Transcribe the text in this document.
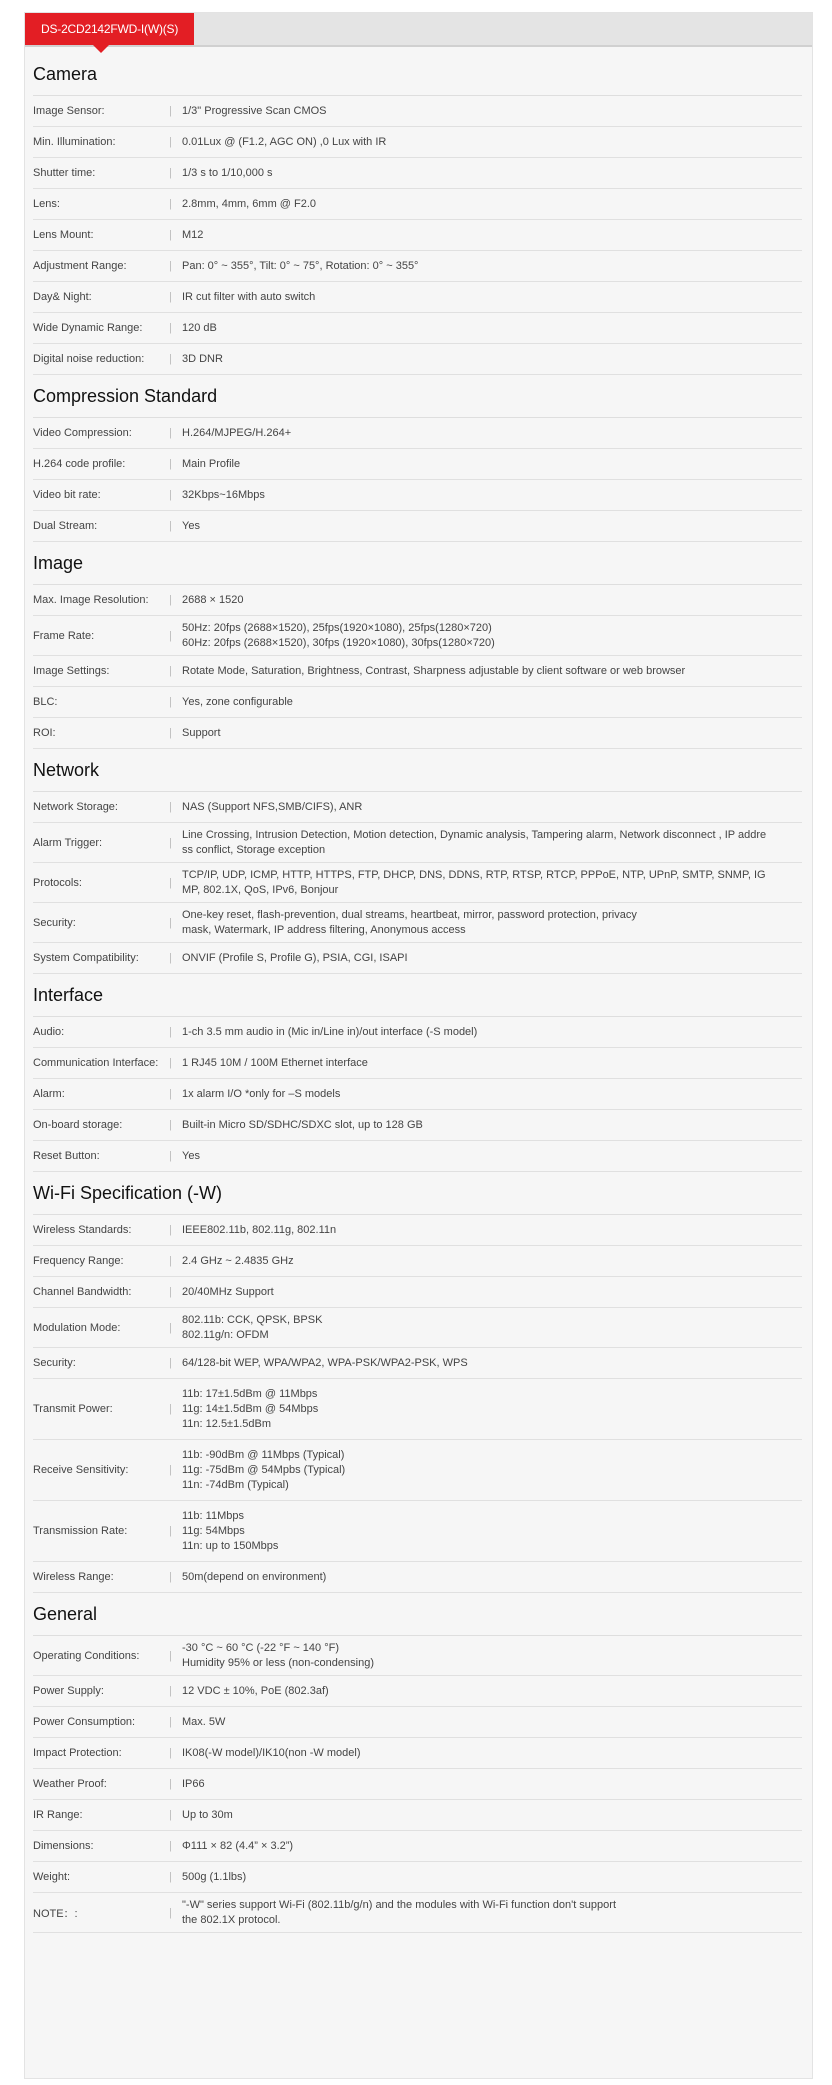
DS-2CD2142FWD-I(W)(S)
Camera
Image Sensor:	| 1/3" Progressive Scan CMOS
Min. Illumination:	| 0.01Lux @ (F1.2, AGC ON) ,0 Lux with IR
Shutter time:	| 1/3 s to 1/10,000 s
Lens:	| 2.8mm, 4mm, 6mm @ F2.0
Lens Mount:	| M12
Adjustment Range:	| Pan: 0° ~ 355°, Tilt: 0° ~ 75°, Rotation: 0° ~ 355°
Day& Night:	| IR cut filter with auto switch
Wide Dynamic Range:	| 120 dB
Digital noise reduction:	| 3D DNR
Compression Standard
Video Compression:	| H.264/MJPEG/H.264+
H.264 code profile:	| Main Profile
Video bit rate:	| 32Kbps~16Mbps
Dual Stream:	| Yes
Image
Max. Image Resolution:	| 2688 × 1520
Frame Rate:	|
50Hz: 20fps (2688×1520), 25fps(1920×1080), 25fps(1280×720)
60Hz: 20fps (2688×1520), 30fps (1920×1080), 30fps(1280×720)
Image Settings:	| Rotate Mode, Saturation, Brightness, Contrast, Sharpness adjustable by client software or web browser
BLC:	| Yes, zone configurable
ROI:	| Support
Network
Network Storage:	| NAS (Support NFS,SMB/CIFS), ANR
Alarm Trigger:	|
Line Crossing, Intrusion Detection, Motion detection, Dynamic analysis, Tampering alarm, Network disconnect , IP addre
ss conflict, Storage exception
Protocols:	|
TCP/IP, UDP, ICMP, HTTP, HTTPS, FTP, DHCP, DNS, DDNS, RTP, RTSP, RTCP, PPPoE, NTP, UPnP, SMTP, SNMP, IG
MP, 802.1X, QoS, IPv6, Bonjour
Security:	|
One-key reset, flash-prevention, dual streams, heartbeat, mirror, password protection, privacy
mask, Watermark, IP address filtering, Anonymous access
System Compatibility:	| ONVIF (Profile S, Profile G), PSIA, CGI, ISAPI
Interface
Audio:	| 1-ch 3.5 mm audio in (Mic in/Line in)/out interface (-S model)
Communication Interface: | 1 RJ45 10M / 100M Ethernet interface
Alarm:	| 1x alarm I/O *only for –S models
On-board storage:	| Built-in Micro SD/SDHC/SDXC slot, up to 128 GB
Reset Button:	| Yes
Wi-Fi Specification (-W)
Wireless Standards:	| IEEE802.11b, 802.11g, 802.11n
Frequency Range:	| 2.4 GHz ~ 2.4835 GHz
Channel Bandwidth:	| 20/40MHz Support
Modulation Mode:	|
802.11b: CCK, QPSK, BPSK
802.11g/n: OFDM
Security:	| 64/128-bit WEP, WPA/WPA2, WPA-PSK/WPA2-PSK, WPS
Transmit Power:	|
11b: 17±1.5dBm @ 11Mbps
11g: 14±1.5dBm @ 54Mbps
11n: 12.5±1.5dBm
Receive Sensitivity:	|
11b: -90dBm @ 11Mbps (Typical)
11g: -75dBm @ 54Mpbs (Typical)
11n: -74dBm (Typical)
Transmission Rate:	|
11b: 11Mbps
11g: 54Mbps
11n: up to 150Mbps
Wireless Range:	| 50m(depend on environment)
General
Operating Conditions:	|
-30 °C ~ 60 °C (-22 °F ~ 140 °F)
Humidity 95% or less (non-condensing)
Power Supply:	| 12 VDC ± 10%, PoE (802.3af)
Power Consumption:	| Max. 5W
Impact Protection:	| IK08(-W model)/IK10(non -W model)
Weather Proof:	| IP66
IR Range:	| Up to 30m
Dimensions:	| Φ111 × 82 (4.4” × 3.2”)
Weight:	| 500g (1.1lbs)
NOTE：:	|
"-W" series support Wi-Fi (802.11b/g/n) and the modules with Wi-Fi function don't support
the 802.1X protocol.
